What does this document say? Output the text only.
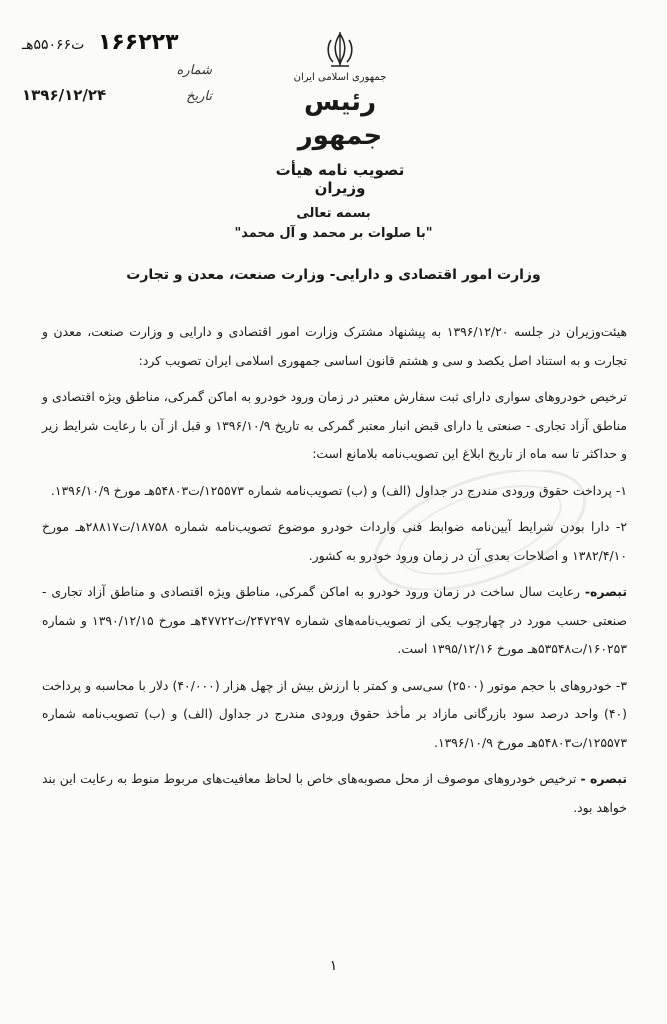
۱۶۶۲۲۳ ت۵۵۰۶۶هـ
شماره
تاریخ
۱۳۹۶/۱۲/۲۴
جمهوری اسلامی ایران
رئیس جمهور
تصویب نامه هیأت وزیران
بسمه تعالی
"با صلوات بر محمد و آل محمد"
وزارت امور اقتصادی و دارایی- وزارت صنعت، معدن و تجارت

هیئت‌وزیران در جلسه ۱۳۹۶/۱۲/۲۰ به پیشنهاد مشترک وزارت امور اقتصادی و دارایی و وزارت صنعت، معدن و تجارت و به استناد اصل یکصد و سی و هشتم قانون اساسی جمهوری اسلامی ایران تصویب کرد:

ترخیص خودروهای سواری دارای ثبت سفارش معتبر در زمان ورود خودرو به اماکن گمرکی، مناطق ویژه اقتصادی و مناطق آزاد تجاری - صنعتی یا دارای قبض انبار معتبر گمرکی به تاریخ ۱۳۹۶/۱۰/۹ و قبل از آن با رعایت شرایط زیر و حداکثر تا سه ماه از تاریخ ابلاغ این تصویب‌نامه بلامانع است:

۱- پرداخت حقوق ورودی مندرج در جداول (الف) و (ب) تصویب‌نامه شماره ۱۲۵۵۷۳/ت۵۴۸۰۳هـ مورخ ۱۳۹۶/۱۰/۹.

۲- دارا بودن شرایط آیین‌نامه ضوابط فنی واردات خودرو موضوع تصویب‌نامه شماره ۱۸۷۵۸/ت۲۸۸۱۷هـ مورخ ۱۳۸۲/۴/۱۰ و اصلاحات بعدی آن در زمان ورود خودرو به کشور.

تبصره- رعایت سال ساخت در زمان ورود خودرو به اماکن گمرکی، مناطق ویژه اقتصادی و مناطق آزاد تجاری - صنعتی حسب مورد در چهارچوب یکی از تصویب‌نامه‌های شماره ۲۴۷۲۹۷/ت۴۷۷۲۲هـ مورخ ۱۳۹۰/۱۲/۱۵ و شماره ۱۶۰۲۵۳/ت۵۳۵۴۸هـ مورخ ۱۳۹۵/۱۲/۱۶ است.

۳- خودروهای با حجم موتور (۲۵۰۰) سی‌سی و کمتر با ارزش بیش از چهل هزار (۴۰/۰۰۰) دلار با محاسبه و پرداخت (۴۰) واحد درصد سود بازرگانی مازاد بر مأخذ حقوق ورودی مندرج در جداول (الف) و (ب) تصویب‌نامه شماره ۱۲۵۵۷۳/ت۵۴۸۰۳هـ مورخ ۱۳۹۶/۱۰/۹.

تبصره - ترخیص خودروهای موصوف از محل مصوبه‌های خاص با لحاظ معافیت‌های مربوط منوط به رعایت این بند خواهد بود.

۱
